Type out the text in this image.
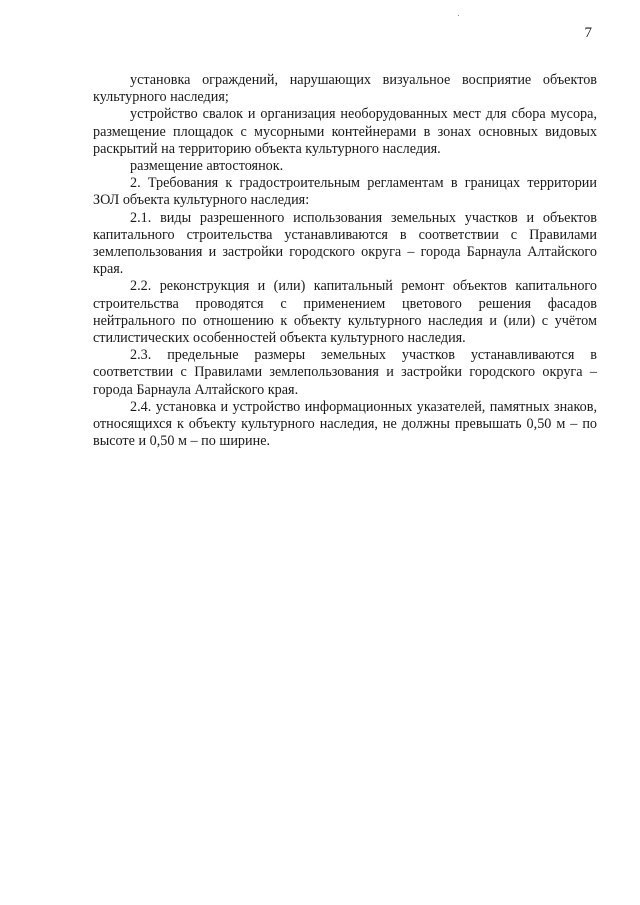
7

установка ограждений, нарушающих визуальное восприятие объектов культурного наследия;

устройство свалок и организация необорудованных мест для сбора мусора, размещение площадок с мусорными контейнерами в зонах основных видовых раскрытий на территорию объекта культурного наследия.

размещение автостоянок.

2. Требования к градостроительным регламентам в границах территории ЗОЛ объекта культурного наследия:

2.1. виды разрешенного использования земельных участков и объектов капитального строительства устанавливаются в соответствии с Правилами землепользования и застройки городского округа – города Барнаула Алтайского края.

2.2. реконструкция и (или) капитальный ремонт объектов капитального строительства проводятся с применением цветового решения фасадов нейтрального по отношению к объекту культурного наследия и (или) с учётом стилистических особенностей объекта культурного наследия.

2.3. предельные размеры земельных участков устанавливаются в соответствии с Правилами землепользования и застройки городского округа – города Барнаула Алтайского края.

2.4. установка и устройство информационных указателей, памятных знаков, относящихся к объекту культурного наследия, не должны превышать 0,50 м – по высоте и 0,50 м – по ширине.
